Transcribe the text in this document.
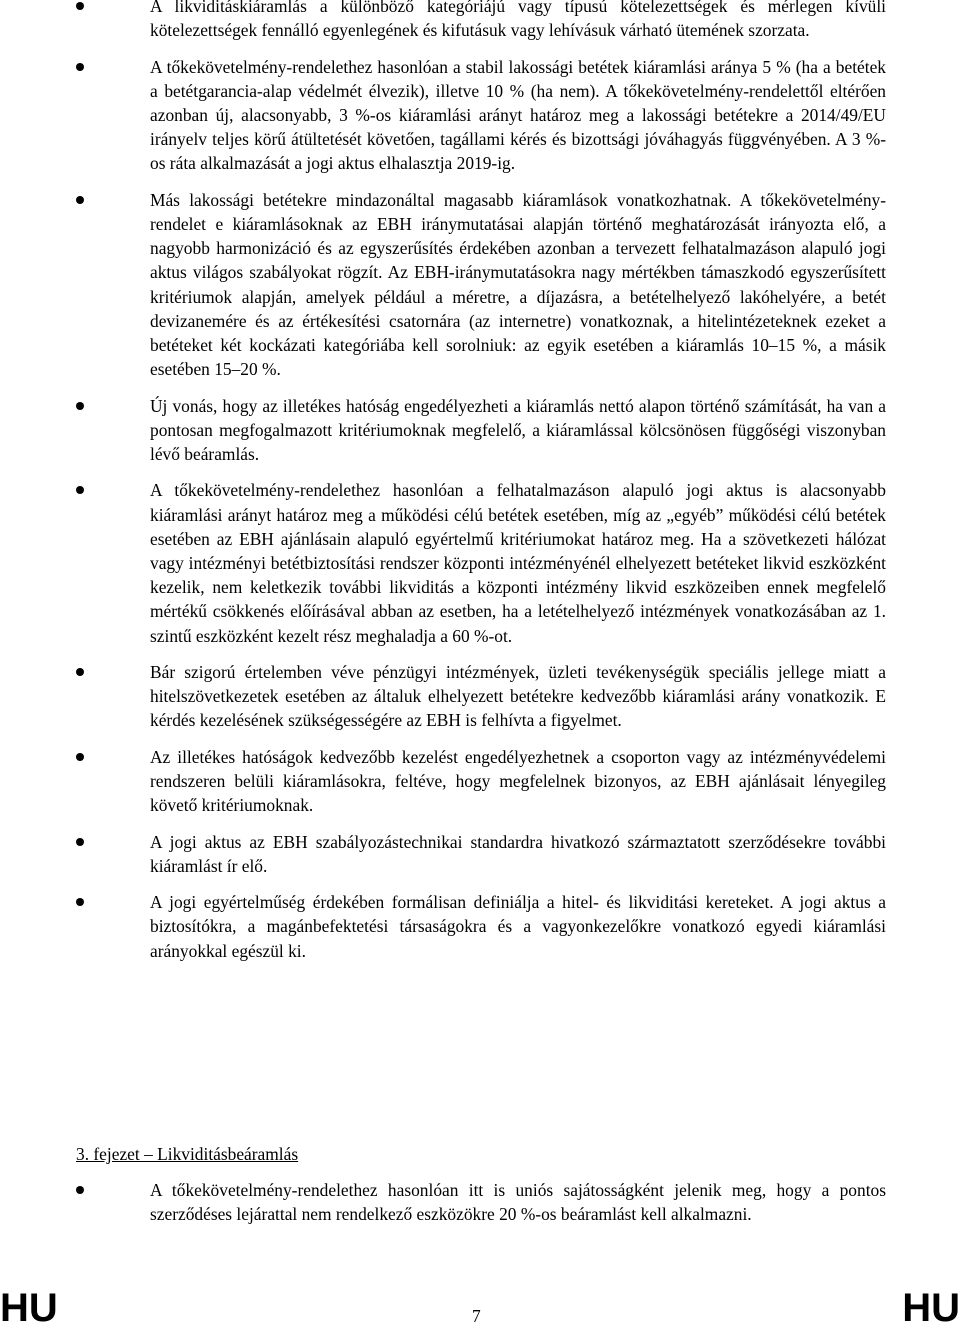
A likviditáskiáramlás a különböző kategóriájú vagy típusú kötelezettségek és mérlegen kívüli kötelezettségek fennálló egyenlegének és kifutásuk vagy lehívásuk várható ütemének szorzata.
A tőkekövetelmény-rendelethez hasonlóan a stabil lakossági betétek kiáramlási aránya 5 % (ha a betétek a betétgarancia-alap védelmét élvezik), illetve 10 % (ha nem). A tőkekövetelmény-rendelettől eltérően azonban új, alacsonyabb, 3 %-os kiáramlási arányt határoz meg a lakossági betétekre a 2014/49/EU irányelv teljes körű átültetését követően, tagállami kérés és bizottsági jóváhagyás függvényében. A 3 %-os ráta alkalmazását a jogi aktus elhalasztja 2019-ig.
Más lakossági betétekre mindazonáltal magasabb kiáramlások vonatkozhatnak. A tőkekövetelmény-rendelet e kiáramlásoknak az EBH iránymutatásai alapján történő meghatározását irányozta elő, a nagyobb harmonizáció és az egyszerűsítés érdekében azonban a tervezett felhatalmazáson alapuló jogi aktus világos szabályokat rögzít. Az EBH-iránymutatásokra nagy mértékben támaszkodó egyszerűsített kritériumok alapján, amelyek például a méretre, a díjazásra, a betételhelyező lakóhelyére, a betét devizanemére és az értékesítési csatornára (az internetre) vonatkoznak, a hitelintézeteknek ezeket a betéteket két kockázati kategóriába kell sorolniuk: az egyik esetében a kiáramlás 10–15 %, a másik esetében 15–20 %.
Új vonás, hogy az illetékes hatóság engedélyezheti a kiáramlás nettó alapon történő számítását, ha van a pontosan megfogalmazott kritériumoknak megfelelő, a kiáramlással kölcsönösen függőségi viszonyban lévő beáramlás.
A tőkekövetelmény-rendelethez hasonlóan a felhatalmazáson alapuló jogi aktus is alacsonyabb kiáramlási arányt határoz meg a működési célú betétek esetében, míg az „egyéb” működési célú betétek esetében az EBH ajánlásain alapuló egyértelmű kritériumokat határoz meg. Ha a szövetkezeti hálózat vagy intézményi betétbiztosítási rendszer központi intézményénél elhelyezett betéteket likvid eszközként kezelik, nem keletkezik további likviditás a központi intézmény likvid eszközeiben ennek megfelelő mértékű csökkenés előírásával abban az esetben, ha a letételhelyező intézmények vonatkozásában az 1. szintű eszközként kezelt rész meghaladja a 60 %-ot.
Bár szigorú értelemben véve pénzügyi intézmények, üzleti tevékenységük speciális jellege miatt a hitelszövetkezetek esetében az általuk elhelyezett betétekre kedvezőbb kiáramlási arány vonatkozik. E kérdés kezelésének szükségességére az EBH is felhívta a figyelmet.
Az illetékes hatóságok kedvezőbb kezelést engedélyezhetnek a csoporton vagy az intézményvédelemi rendszeren belüli kiáramlásokra, feltéve, hogy megfelelnek bizonyos, az EBH ajánlásait lényegileg követő kritériumoknak.
A jogi aktus az EBH szabályozástechnikai standardra hivatkozó származtatott szerződésekre további kiáramlást ír elő.
A jogi egyértelműség érdekében formálisan definiálja a hitel- és likviditási kereteket. A jogi aktus a biztosítókra, a magánbefektetési társaságokra és a vagyonkezelőkre vonatkozó egyedi kiáramlási arányokkal egészül ki.

3. fejezet – Likviditásbeáramlás

A tőkekövetelmény-rendelethez hasonlóan itt is uniós sajátosságként jelenik meg, hogy a pontos szerződéses lejárattal nem rendelkező eszközökre 20 %-os beáramlást kell alkalmazni.
HU	7	HU
